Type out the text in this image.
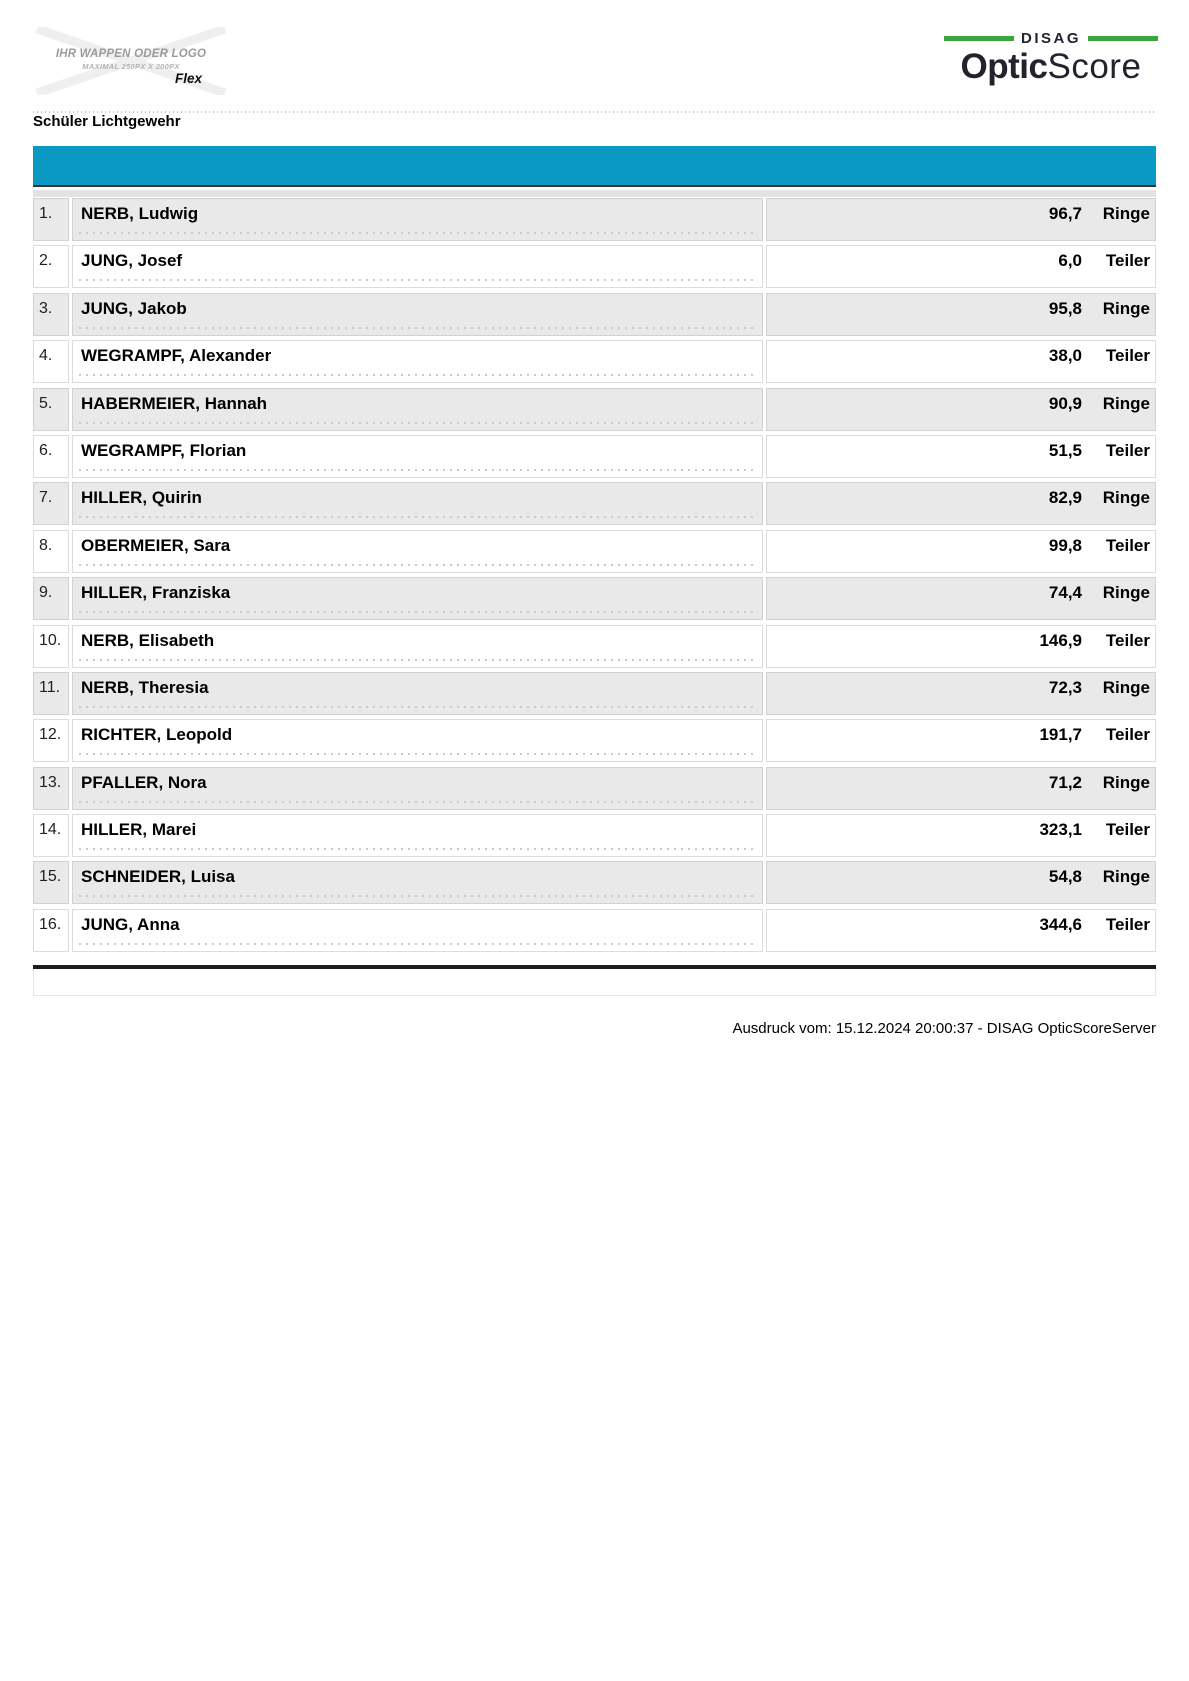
IHR WAPPEN ODER LOGO
MAXIMAL 250PX X 200PX
Flex
DISAG
OpticScore
Schüler Lichtgewehr
1.	NERB, Ludwig	96,7	Ringe
2.	JUNG, Josef	6,0	Teiler
3.	JUNG, Jakob	95,8	Ringe
4.	WEGRAMPF, Alexander	38,0	Teiler
5.	HABERMEIER, Hannah	90,9	Ringe
6.	WEGRAMPF, Florian	51,5	Teiler
7.	HILLER, Quirin	82,9	Ringe
8.	OBERMEIER, Sara	99,8	Teiler
9.	HILLER, Franziska	74,4	Ringe
10.	NERB, Elisabeth	146,9	Teiler
11.	NERB, Theresia	72,3	Ringe
12.	RICHTER, Leopold	191,7	Teiler
13.	PFALLER, Nora	71,2	Ringe
14.	HILLER, Marei	323,1	Teiler
15.	SCHNEIDER, Luisa	54,8	Ringe
16.	JUNG, Anna	344,6	Teiler
Ausdruck vom: 15.12.2024 20:00:37 - DISAG OpticScoreServer
